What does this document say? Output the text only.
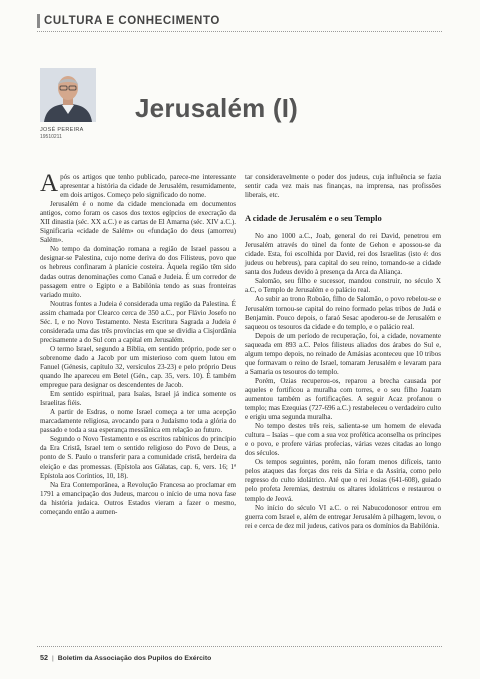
CULTURA E CONHECIMENTO
JOSÉ PEREIRA
19510211
Jerusalém (I)

Após os artigos que tenho publicado, parece-me interessante apresentar a história da cidade de Jerusalém, resumidamente, em dois artigos. Começo pelo significado do nome.

Jerusalém é o nome da cidade mencionada em documentos antigos, como foram os casos dos textos egípcios de execração da XII dinastia (séc. XX a.C.) e as cartas de El Amarna (séc. XIV a.C.). Significaria «cidade de Salém» ou «fundação do deus (amorreu) Salém».

No tempo da dominação romana a região de Israel passou a designar-se Palestina, cujo nome deriva do dos Filisteus, povo que os hebreus confinaram à planície costeira. Àquela região têm sido dadas outras denominações como Canaã e Judeia. É um corredor de passagem entre o Egipto e a Babilónia tendo as suas fronteiras variado muito.

Noutras fontes a Judeia é considerada uma região da Palestina. É assim chamada por Clearco cerca de 350 a.C., por Flávio Josefo no Séc. I, e no Novo Testamento. Nesta Escritura Sagrada a Judeia é considerada uma das três províncias em que se dividia a Cisjordânia precisamente a do Sul com a capital em Jerusalém.

O termo Israel, segundo a Bíblia, em sentido próprio, pode ser o sobrenome dado a Jacob por um misterioso com quem lutou em Fanuel (Génesis, capítulo 32, versículos 23-23) e pelo próprio Deus quando lhe apareceu em Betel (Gén., cap. 35, vers. 10). É também empregue para designar os descendentes de Jacob.

Em sentido espiritual, para Isaías, Israel já indica somente os Israelitas fiéis.

A partir de Esdras, o nome Israel começa a ter uma acepção marcadamente religiosa, avocando para o Judaísmo toda a glória do passado e toda a sua esperança messiânica em relação ao futuro.

Segundo o Novo Testamento e os escritos rabínicos do princípio da Era Cristã, Israel tem o sentido religioso do Povo de Deus, a ponto de S. Paulo o transferir para a comunidade cristã, herdeira da eleição e das promessas. (Epístola aos Gálatas, cap. 6, vers. 16; 1ª Epístola aos Coríntios, 10, 18).

Na Era Contemporânea, a Revolução Francesa ao proclamar em 1791 a emancipação dos Judeus, marcou o início de uma nova fase da história judaica. Outros Estados vieram a fazer o mesmo, começando então a aumen-

tar consideravelmente o poder dos judeus, cuja influência se fazia sentir cada vez mais nas finanças, na imprensa, nas profissões liberais, etc.

A cidade de Jerusalém e o seu Templo

No ano 1000 a.C., Joab, general do rei David, penetrou em Jerusalém através do túnel da fonte de Gehon e apossou-se da cidade. Esta, foi escolhida por David, rei dos Israelitas (isto é: dos judeus ou hebreus), para capital do seu reino, tornando-se a cidade santa dos Judeus devido à presença da Arca da Aliança.

Salomão, seu filho e sucessor, mandou construir, no século X a.C, o Templo de Jerusalém e o palácio real.

Ao subir ao trono Roboão, filho de Salomão, o povo rebelou-se e Jerusalém tornou-se capital do reino formado pelas tribos de Judá e Benjamin. Pouco depois, o faraó Sesac apoderou-se de Jerusalém e saqueou os tesouros da cidade e do templo, e o palácio real.

Depois de um período de recuperação, foi, a cidade, novamente saqueada em 893 a.C. Pelos filisteus aliados dos árabes do Sul e, algum tempo depois, no reinado de Amásias aconteceu que 10 tribos que formavam o reino de Israel, tomaram Jerusalém e levaram para a Samaria os tesouros do templo.

Porém, Ozias recuperou-os, reparou a brecha causada por aqueles e fortificou a muralha com torres, e o seu filho Joatam aumentou também as fortificações. A seguir Acaz profanou o templo; mas Ezequias (727-696 a.C.) restabeleceu o verdadeiro culto e erigiu uma segunda muralha.

No tempo destes três reis, salienta-se um homem de elevada cultura – Isaías – que com a sua voz profética aconselha os príncipes e o povo, e profere várias profecias, várias vezes citadas ao longo dos séculos.

Os tempos seguintes, porém, não foram menos difíceis, tanto pelos ataques das forças dos reis da Síria e da Assíria, como pelo regresso do culto idolátrico. Até que o rei Josias (641-608), guiado pelo profeta Jeremias, destruiu os altares idolátricos e restaurou o templo de Jeová.

No início do século VI a.C. o rei Nabucodonosor entrou em guerra com Israel e, além de entregar Jerusalém à pilhagem, levou, o rei e cerca de dez mil judeus, cativos para os domínios da Babilónia.

52 | Boletim da Associação dos Pupilos do Exército
